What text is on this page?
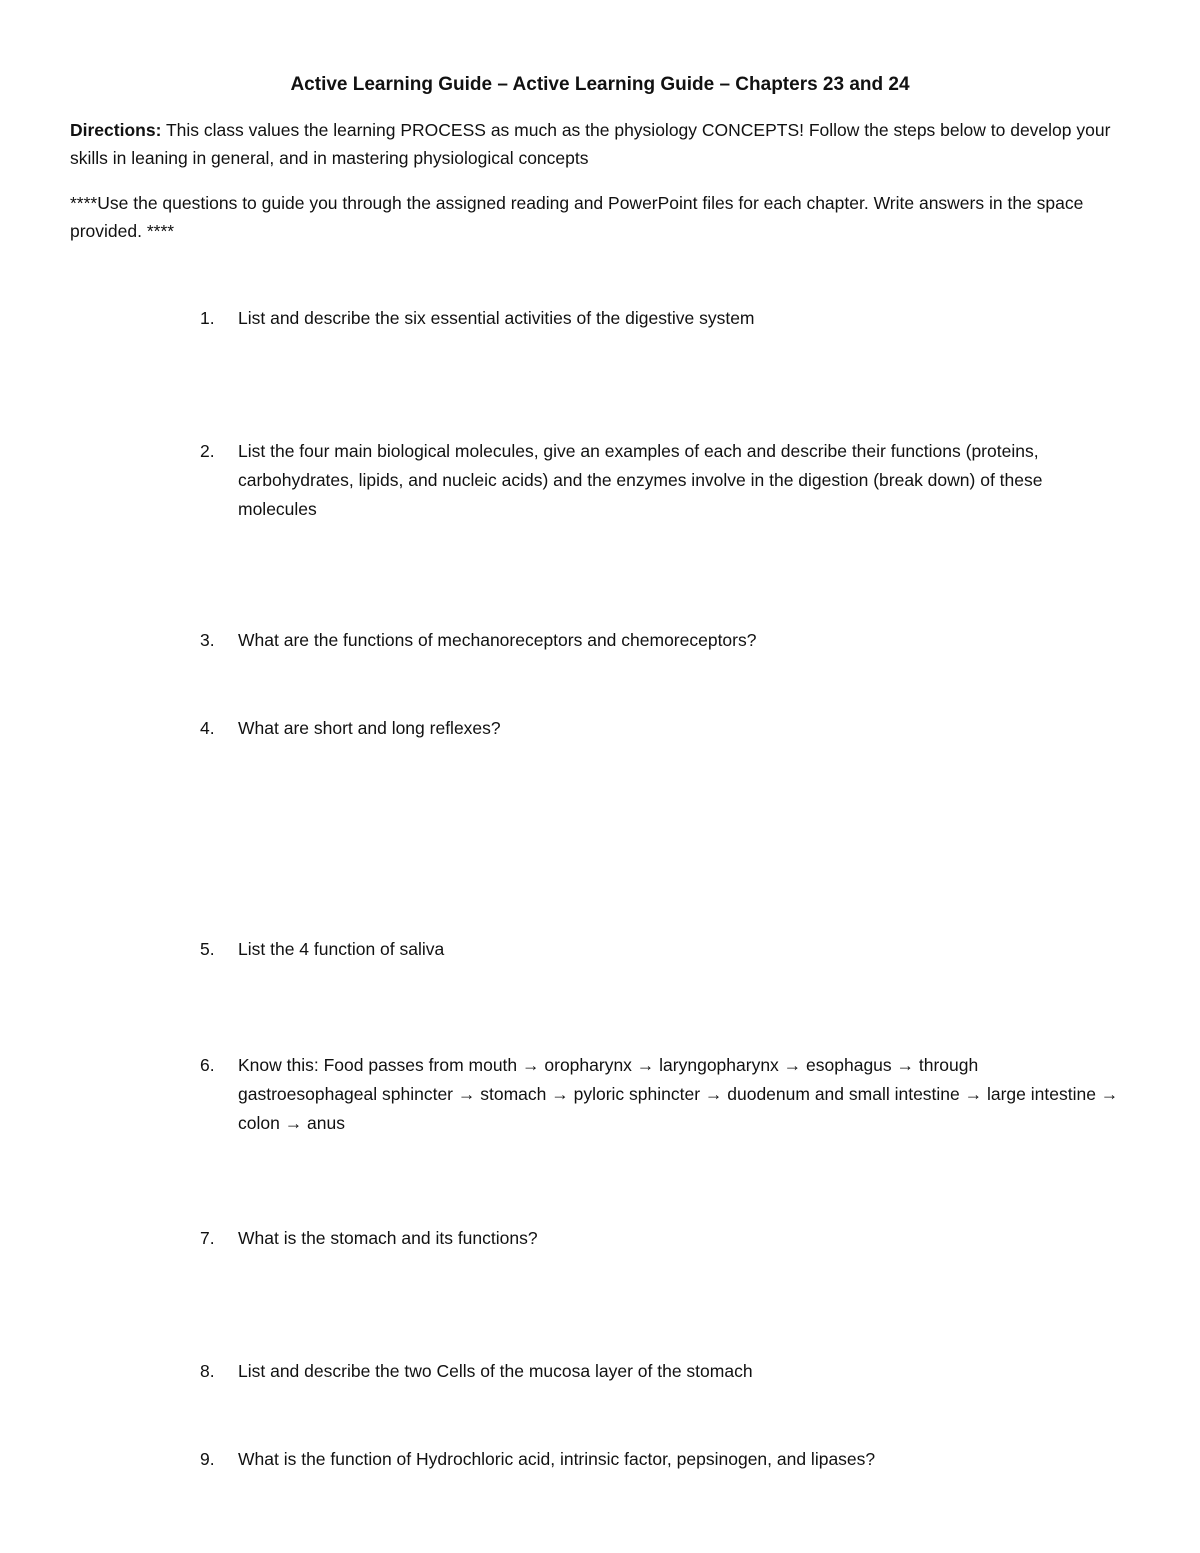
Active Learning Guide – Active Learning Guide – Chapters 23 and 24

Directions: This class values the learning PROCESS as much as the physiology CONCEPTS! Follow the steps below to develop your skills in leaning in general, and in mastering physiological concepts

****Use the questions to guide you through the assigned reading and PowerPoint files for each chapter. Write answers in the space provided. ****

1.	List and describe the six essential activities of the digestive system
2.	List the four main biological molecules, give an examples of each and describe their functions (proteins, carbohydrates, lipids, and nucleic acids) and the enzymes involve in the digestion (break down) of these molecules
3.	What are the functions of mechanoreceptors and chemoreceptors?
4.	What are short and long reflexes?
5.	List the 4 function of saliva
6.	Know this: Food passes from mouth → oropharynx → laryngopharynx → esophagus → through gastroesophageal sphincter → stomach → pyloric sphincter → duodenum and small intestine → large intestine → colon → anus
7.	What is the stomach and its functions?
8.	List and describe the two Cells of the mucosa layer of the stomach
9.	What is the function of Hydrochloric acid, intrinsic factor, pepsinogen, and lipases?
